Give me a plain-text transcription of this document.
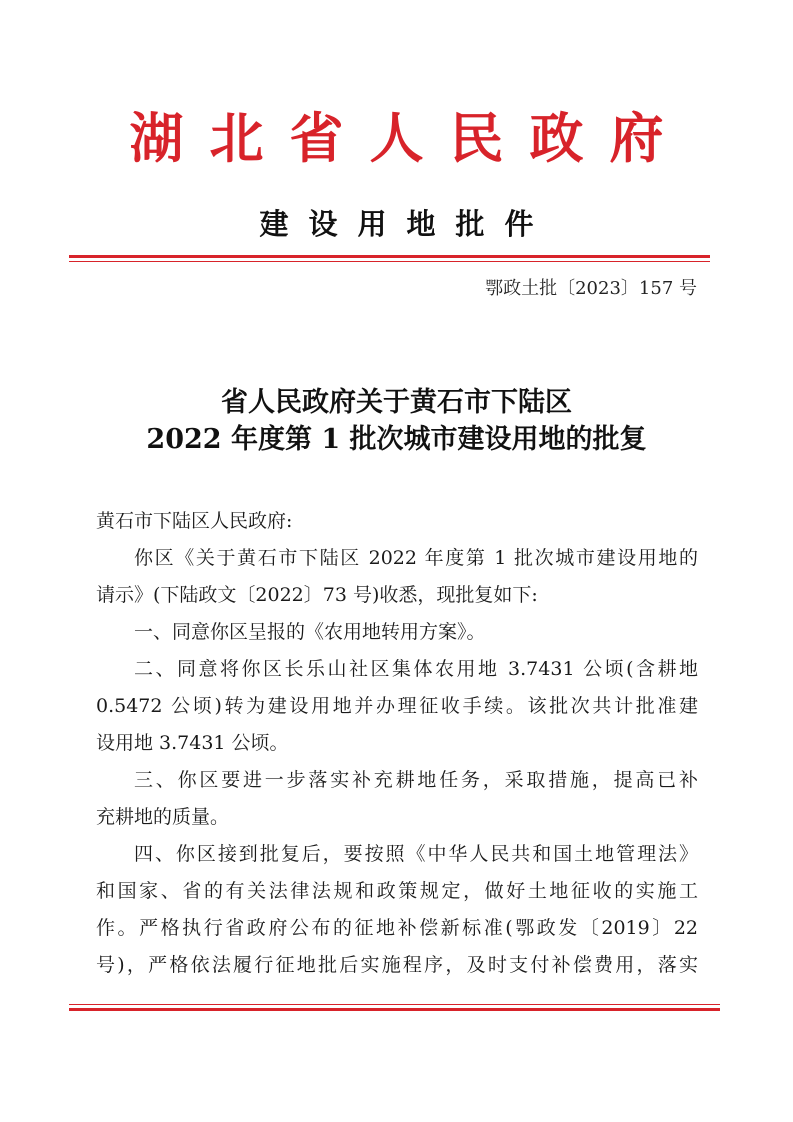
湖北省人民政府
建设用地批件
鄂政土批〔2023〕157 号
省人民政府关于黄石市下陆区
2022 年度第 1 批次城市建设用地的批复
黄石市下陆区人民政府:
你区《关于黄石市下陆区 2022 年度第 1 批次城市建设用地的
请示》(下陆政文〔2022〕73 号)收悉，现批复如下:
一、同意你区呈报的《农用地转用方案》。
二、同意将你区长乐山社区集体农用地 3.7431 公顷(含耕地
0.5472 公顷)转为建设用地并办理征收手续。该批次共计批准建
设用地 3.7431 公顷。
三、你区要进一步落实补充耕地任务，采取措施，提高已补
充耕地的质量。
四、你区接到批复后，要按照《中华人民共和国土地管理法》
和国家、省的有关法律法规和政策规定，做好土地征收的实施工
作。严格执行省政府公布的征地补偿新标准(鄂政发〔2019〕22
号)，严格依法履行征地批后实施程序，及时支付补偿费用，落实
